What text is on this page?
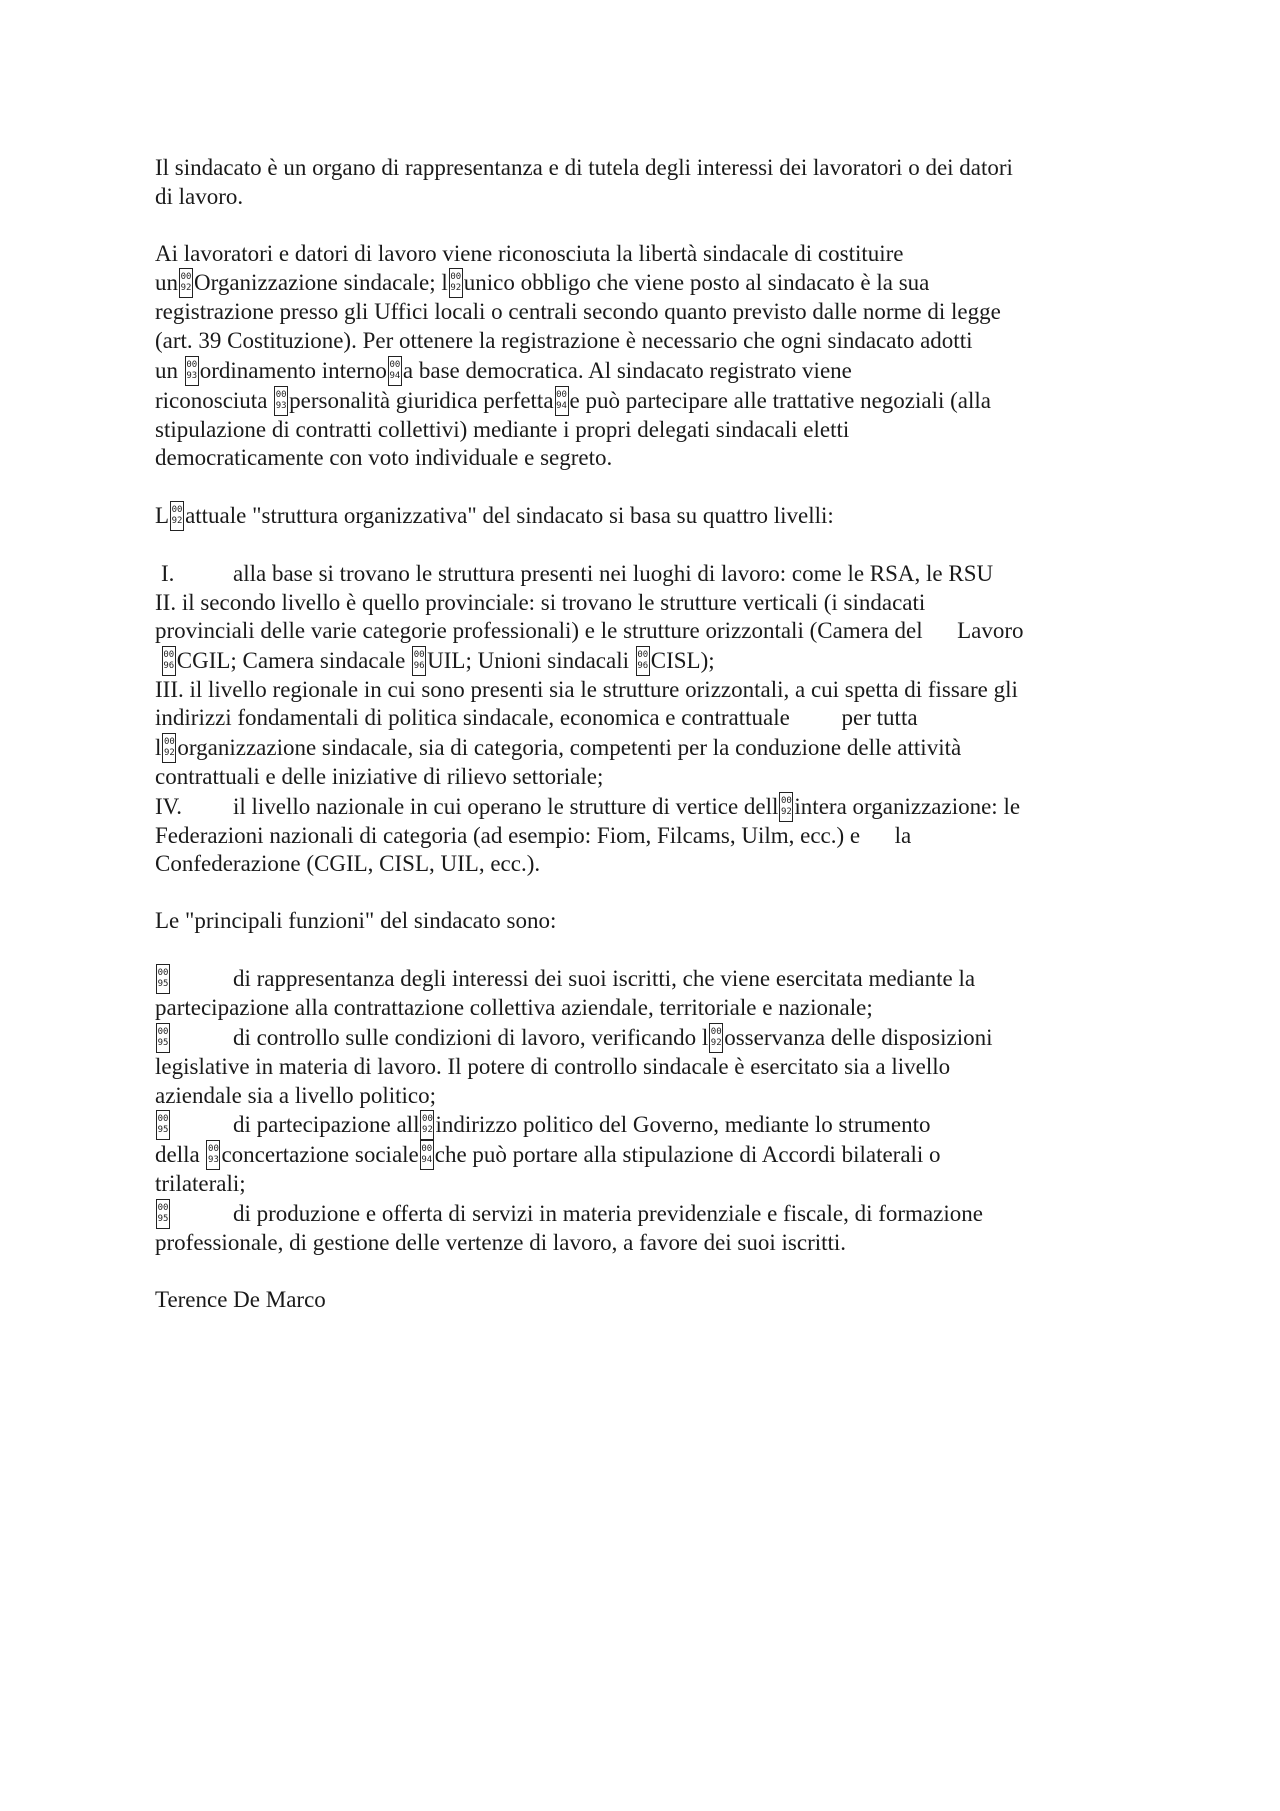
Il sindacato è un organo di rappresentanza e di tutela degli interessi dei lavoratori o dei datori
di lavoro.

Ai lavoratori e datori di lavoro viene riconosciuta la libertà sindacale di costituire
un 00
92 Organizzazione sindacale; l 00
92 unico obbligo che viene posto al sindacato è la sua
registrazione presso gli Uffici locali o centrali secondo quanto previsto dalle norme di legge
(art. 39 Costituzione). Per ottenere la registrazione è necessario che ogni sindacato adotti
un 00
93 ordinamento interno 00
94 a base democratica. Al sindacato registrato viene
riconosciuta 00
93 personalità giuridica perfetta 00
94 e può partecipare alle trattative negoziali (alla
stipulazione di contratti collettivi) mediante i propri delegati sindacali eletti
democraticamente con voto individuale e segreto.

L 00
92 attuale "struttura organizzativa" del sindacato si basa su quattro livelli:

I.	alla base si trovano le struttura presenti nei luoghi di lavoro: come le RSA, le RSU
II. il secondo livello è quello provinciale: si trovano le strutture verticali (i sindacati
provinciali delle varie categorie professionali) e le strutture orizzontali (Camera del      Lavoro

00
96 CGIL; Camera sindacale 00
96 UIL; Unioni sindacali 00
96 CISL);
III. il livello regionale in cui sono presenti sia le strutture orizzontali, a cui spetta di fissare gli
indirizzi fondamentali di politica sindacale, economica e contrattuale         per tutta
l 00
92 organizzazione sindacale, sia di categoria, competenti per la conduzione delle attività
contrattuali e delle iniziative di rilievo settoriale;
IV. il livello nazionale in cui operano le strutture di vertice dell 00
92 intera organizzazione: le
Federazioni nazionali di categoria (ad esempio: Fiom, Filcams, Uilm, ecc.) e      la
Confederazione (CGIL, CISL, UIL, ecc.).

Le "principali funzioni" del sindacato sono:

00
95	di rappresentanza degli interessi dei suoi iscritti, che viene esercitata mediante la
partecipazione alla contrattazione collettiva aziendale, territoriale e nazionale;
00
95	di controllo sulle condizioni di lavoro, verificando l 00
92 osservanza delle disposizioni
legislative in materia di lavoro. Il potere di controllo sindacale è esercitato sia a livello
aziendale sia a livello politico;
00
95	di partecipazione all 00
92 indirizzo politico del Governo, mediante lo strumento
della 00
93 concertazione sociale 00
94 che può portare alla stipulazione di Accordi bilaterali o
trilaterali;
00
95	di produzione e offerta di servizi in materia previdenziale e fiscale, di formazione
professionale, di gestione delle vertenze di lavoro, a favore dei suoi iscritti.

Terence De Marco
